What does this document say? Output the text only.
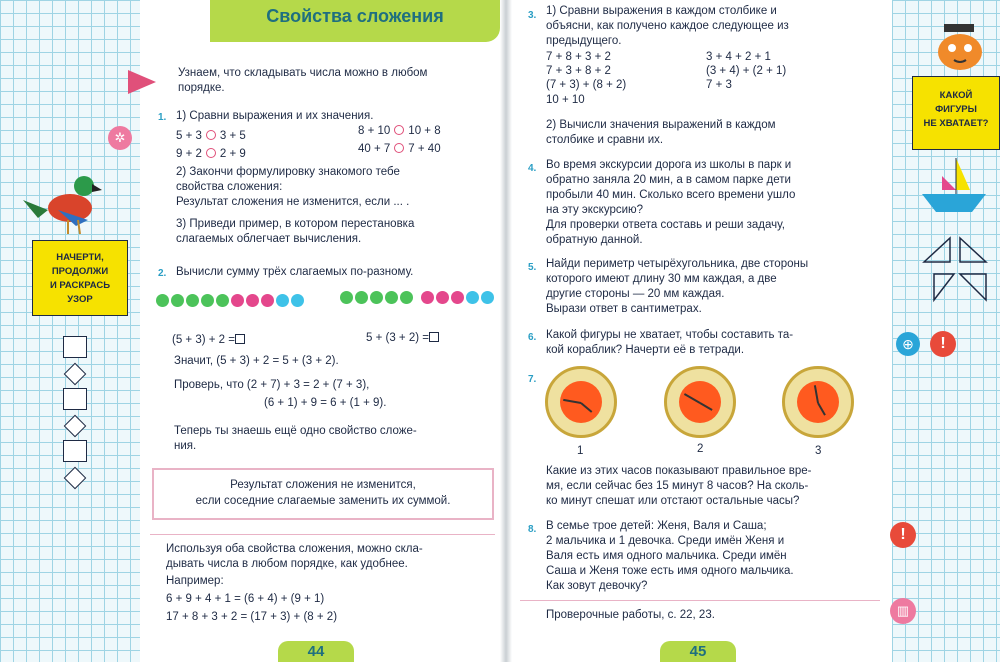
НАЧЕРТИ,
ПРОДОЛЖИ
И РАСКРАСЬ
УЗОР
Свойства сложения
✲
Узнаем, что складывать числа можно в любом
порядке.
1. 1) Сравни выражения и их значения.
5 + 3 3 + 5
9 + 2 2 + 9
8 + 10 10 + 8
40 + 7 7 + 40
2) Закончи формулировку знакомого тебе
свойства сложения:
Результат сложения не изменится, если ... .
3) Приведи пример, в котором перестановка
слагаемых облегчает вычисления.
2. Вычисли сумму трёх слагаемых по-разному.
(5 + 3) + 2 =	5 + (3 + 2) =
Значит, (5 + 3) + 2 = 5 + (3 + 2).
Проверь, что (2 + 7) + 3 = 2 + (7 + 3),
(6 + 1) + 9 = 6 + (1 + 9).
Теперь ты знаешь ещё одно свойство сложе-
ния.
Результат сложения не изменится,
если соседние слагаемые заменить их суммой.
Используя оба свойства сложения, можно скла-
дывать числа в любом порядке, как удобнее.
Например:
6 + 9 + 4 + 1 = (6 + 4) + (9 + 1)
17 + 8 + 3 + 2 = (17 + 3) + (8 + 2)
44
3. 1) Сравни выражения в каждом столбике и
объясни, как получено каждое следующее из
предыдущего.
7 + 8 + 3 + 2
7 + 3 + 8 + 2
(7 + 3) + (8 + 2)
10 + 10
3 + 4 + 2 + 1
(3 + 4) + (2 + 1)
7 + 3
2) Вычисли значения выражений в каждом
столбике и сравни их.
4. Во время экскурсии дорога из школы в парк и
обратно заняла 20 мин, а в самом парке дети
пробыли 40 мин. Сколько всего времени ушло
на эту экскурсию?
Для проверки ответа составь и реши задачу,
обратную данной.
5. Найди периметр четырёхугольника, две стороны
которого имеют длину 30 мм каждая, а две
другие стороны — 20 мм каждая.
Вырази ответ в сантиметрах.
6. Какой фигуры не хватает, чтобы составить та-
кой кораблик? Начерти её в тетради.
7.
1	2	3
Какие из этих часов показывают правильное вре-
мя, если сейчас без 15 минут 8 часов? На сколь-
ко минут спешат или отстают остальные часы?
8. В семье трое детей: Женя, Валя и Саша;
2 мальчика и 1 девочка. Среди имён Женя и
Валя есть имя одного мальчика. Среди имён
Саша и Женя тоже есть имя одного мальчика.
Как зовут девочку?
Проверочные работы, с. 22, 23.
45
КАКОЙ
ФИГУРЫ
НЕ ХВАТАЕТ?
⊕	!
!
▥
